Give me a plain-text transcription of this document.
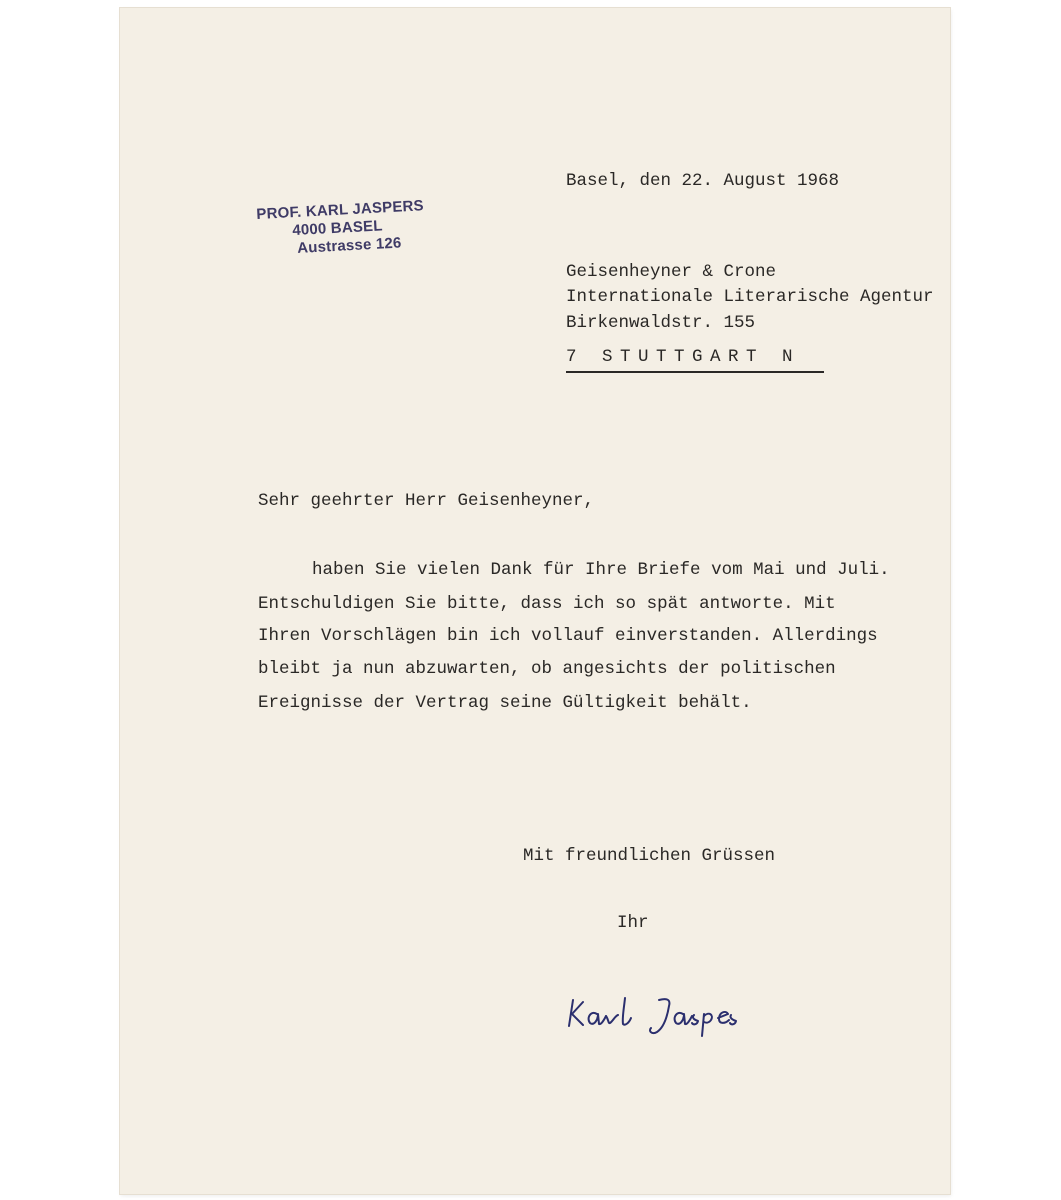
PROF. KARL JASPERS
4000 BASEL
Austrasse 126
Basel, den 22. August 1968
Geisenheyner & Crone
Internationale Literarische Agentur
Birkenwaldstr. 155
7 STUTTGART N
Sehr geehrter Herr Geisenheyner,
haben Sie vielen Dank für Ihre Briefe vom Mai und Juli.
Entschuldigen Sie bitte, dass ich so spät antworte. Mit
Ihren Vorschlägen bin ich vollauf einverstanden. Allerdings
bleibt ja nun abzuwarten, ob angesichts der politischen
Ereignisse der Vertrag seine Gültigkeit behält.
Mit freundlichen Grüssen
Ihr
